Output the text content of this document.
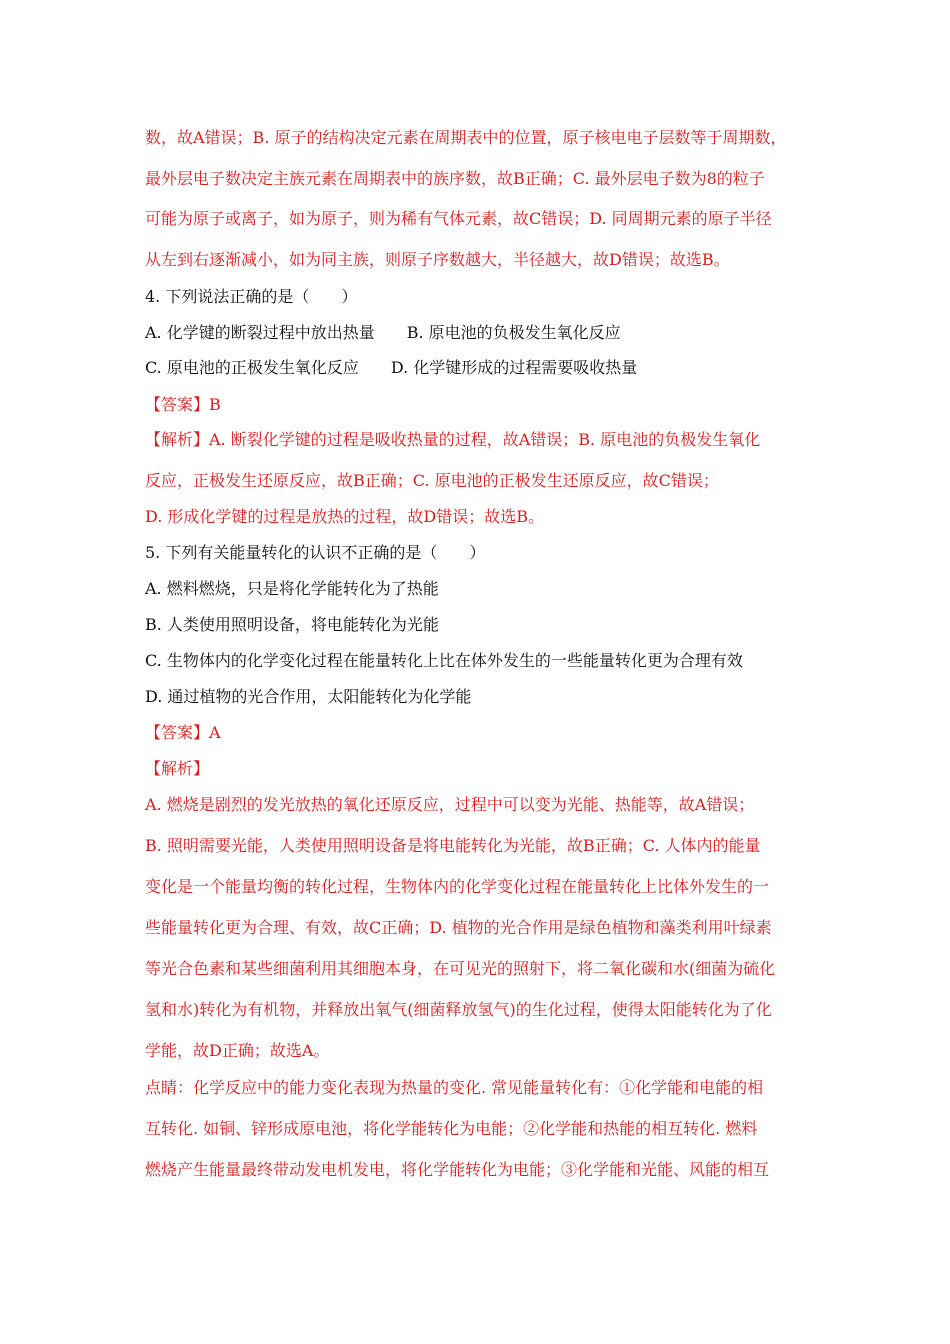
数，故A错误；B. 原子的结构决定元素在周期表中的位置，原子核电电子层数等于周期数，
最外层电子数决定主族元素在周期表中的族序数，故B正确；C. 最外层电子数为8的粒子
可能为原子或离子，如为原子，则为稀有气体元素，故C错误；D. 同周期元素的原子半径
从左到右逐渐减小，如为同主族，则原子序数越大，半径越大，故D错误；故选B。
4. 下列说法正确的是（　　）
A. 化学键的断裂过程中放出热量　　B. 原电池的负极发生氧化反应
C. 原电池的正极发生氧化反应　　D. 化学键形成的过程需要吸收热量
【答案】B
【解析】A. 断裂化学键的过程是吸收热量的过程，故A错误；B. 原电池的负极发生氧化
反应，正极发生还原反应，故B正确；C. 原电池的正极发生还原反应，故C错误；
D. 形成化学键的过程是放热的过程，故D错误；故选B。
5. 下列有关能量转化的认识不正确的是（　　）
A. 燃料燃烧，只是将化学能转化为了热能
B. 人类使用照明设备，将电能转化为光能
C. 生物体内的化学变化过程在能量转化上比在体外发生的一些能量转化更为合理有效
D. 通过植物的光合作用，太阳能转化为化学能
【答案】A
【解析】
A. 燃烧是剧烈的发光放热的氧化还原反应，过程中可以变为光能、热能等，故A错误；
B. 照明需要光能，人类使用照明设备是将电能转化为光能，故B正确；C. 人体内的能量
变化是一个能量均衡的转化过程，生物体内的化学变化过程在能量转化上比体外发生的一
些能量转化更为合理、有效，故C正确；D. 植物的光合作用是绿色植物和藻类利用叶绿素
等光合色素和某些细菌利用其细胞本身，在可见光的照射下，将二氧化碳和水(细菌为硫化
氢和水)转化为有机物，并释放出氧气(细菌释放氢气)的生化过程，使得太阳能转化为了化
学能，故D正确；故选A。
点睛：化学反应中的能力变化表现为热量的变化. 常见能量转化有：①化学能和电能的相
互转化. 如铜、锌形成原电池，将化学能转化为电能；②化学能和热能的相互转化. 燃料
燃烧产生能量最终带动发电机发电，将化学能转化为电能；③化学能和光能、风能的相互
